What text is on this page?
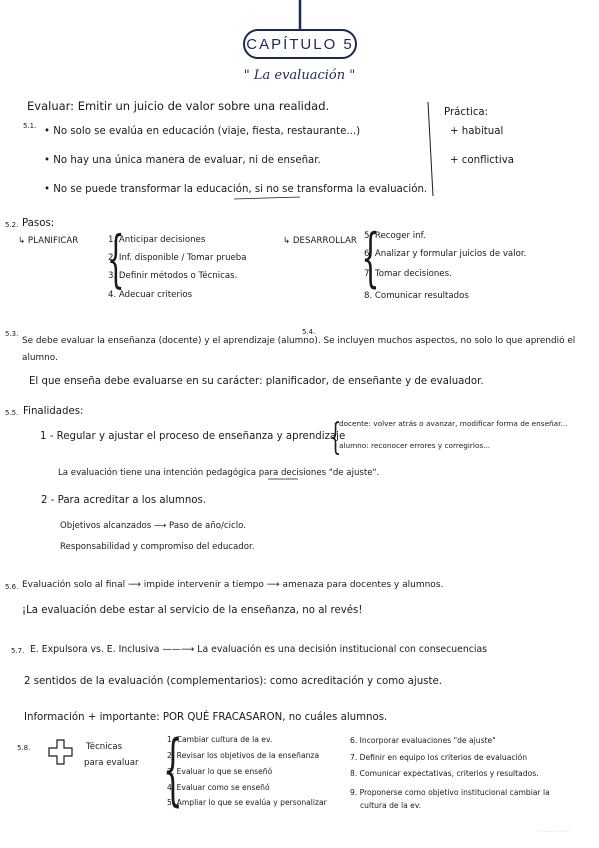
CAPÍTULO 5
" La evaluación "
5.1.
Evaluar: Emitir un juicio de valor sobre una realidad.
• No solo se evalúa en educación (viaje, fiesta, restaurante...)
• No hay una única manera de evaluar, ni de enseñar.
• No se puede transformar la educación, si no se transforma la evaluación.
Práctica:
+ habitual
+ conflictiva
5.2. Pasos:
↳ PLANIFICAR {
1. Anticipar decisiones
2. Inf. disponible / Tomar prueba
3. Definir métodos o Técnicas.
4. Adecuar criterios
↳ DESARROLLAR {
5. Recoger inf.
6. Analizar y formular juicios de valor.
7. Tomar decisiones.
8. Comunicar resultados
5.3.	5.4.
Se debe evaluar la enseñanza (docente) y el aprendizaje (alumno). Se incluyen muchos aspectos, no solo lo que aprendió el
alumno.
El que enseña debe evaluarse en su carácter: planificador, de enseñante y de evaluador.
5.5. Finalidades:
1 - Regular y ajustar el proceso de enseñanza y aprendizaje
{
- docente: volver atrás o avanzar, modificar forma de enseñar...
- alumno: reconocer errores y corregirlos...
La evaluación tiene una intención pedagógica para decisiones "de ajuste".
2 - Para acreditar a los alumnos.
Objetivos alcanzados ⟶ Paso de año/ciclo.
Responsabilidad y compromiso del educador.
5.6. Evaluación solo al final ⟶ impide intervenir a tiempo ⟶ amenaza para docentes y alumnos.
¡La evaluación debe estar al servicio de la enseñanza, no al revés!
5.7. E. Expulsora vs. E. Inclusiva ——⟶ La evaluación es una decisión institucional con consecuencias
2 sentidos de la evaluación (complementarios): como acreditación y como ajuste.
Información + importante: POR QUÉ FRACASARON, no cuáles alumnos.
5.8.	Técnicas
para evaluar {
1. Cambiar cultura de la ev.
2. Revisar los objetivos de la enseñanza
3. Evaluar lo que se enseñó
4. Evaluar como se enseñó
5. Ampliar lo que se evalúa y personalizar
6. Incorporar evaluaciones "de ajuste"
7. Definir en equipo los criterios de evaluación
8. Comunicar expectativas, criterios y resultados.
9. Proponerse como objetivo institucional cambiar la
cultura de la ev.
· · · · · · · · · · ·
